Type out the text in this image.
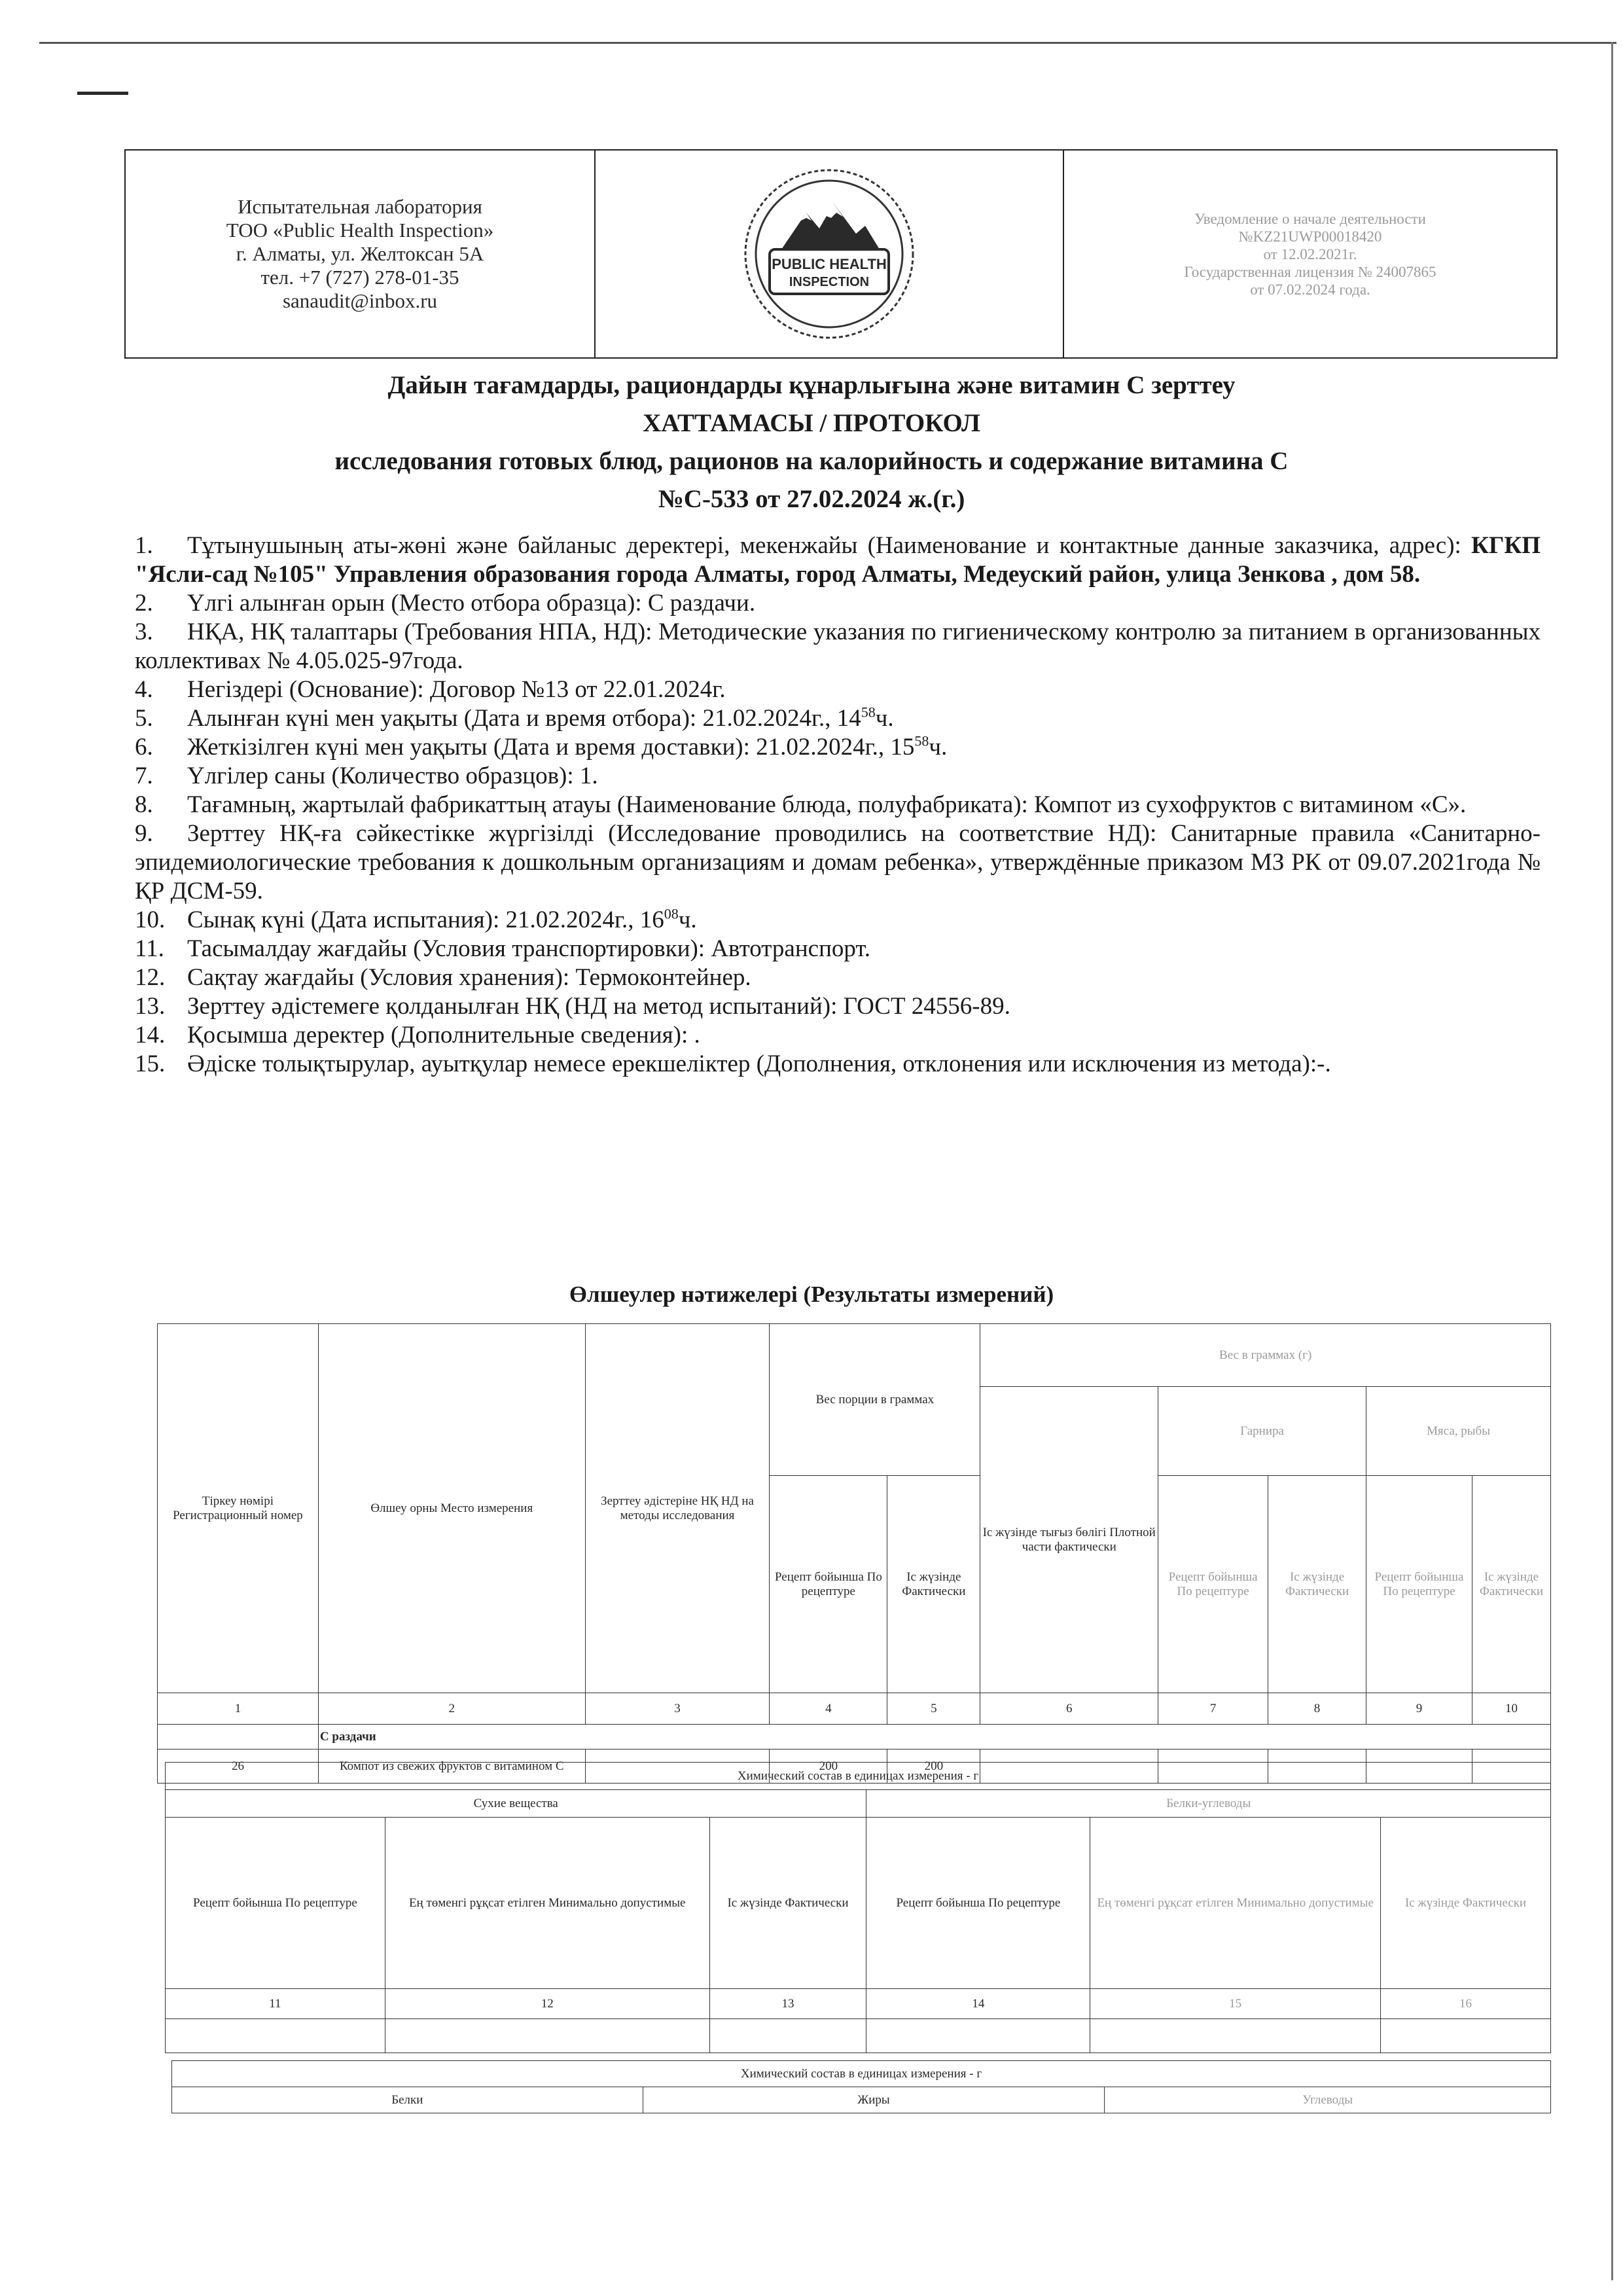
Испытательная лаборатория
ТОО «Public Health Inspection»
г. Алматы, ул. Желтоксан 5А
тел. +7 (727) 278-01-35
sanaudit@inbox.ru
PUBLIC HEALTH
INSPECTION
Уведомление о начале деятельности
№KZ21UWP00018420
от 12.02.2021г.
Государственная лицензия № 24007865
от 07.02.2024 года.
Дайын тағамдарды, рациондарды құнарлығына және витамин С зерттеу
ХАТТАМАСЫ / ПРОТОКОЛ
исследования готовых блюд, рационов на калорийность и содержание витамина С
№С-533 от 27.02.2024 ж.(г.)
1. Тұтынушының аты-жөні және байланыс деректері, мекенжайы (Наименование и контактные данные заказчика, адрес): КГКП "Ясли-сад №105" Управления образования города Алматы, город Алматы, Медеуский район, улица Зенкова , дом 58.
2. Үлгі алынған орын (Место отбора образца): С раздачи.
3. НҚА, НҚ талаптары (Требования НПА, НД): Методические указания по гигиеническому контролю за питанием в организованных коллективах № 4.05.025-97года.
4. Негіздері (Основание): Договор №13 от 22.01.2024г.
5. Алынған күні мен уақыты (Дата и время отбора): 21.02.2024г., $14^{58}ч$.
6. Жеткізілген күні мен уақыты (Дата и время доставки): 21.02.2024г., $15^{58}ч$.
7. Үлгілер саны (Количество образцов): 1.
8. Тағамның, жартылай фабрикаттың атауы (Наименование блюда, полуфабриката): Компот из сухофруктов с витамином «С».
9. Зерттеу НҚ-ға сәйкестікке жүргізілді (Исследование проводились на соответствие НД): Санитарные правила «Санитарно-эпидемиологические требования к дошкольным организациям и домам ребенка», утверждённые приказом МЗ РК от 09.07.2021года № ҚР ДСМ-59.
10. Сынақ күні (Дата испытания): 21.02.2024г., $16^{08}ч$.
11. Тасымалдау жағдайы (Условия транспортировки): Автотранспорт.
12. Сақтау жағдайы (Условия хранения): Термоконтейнер.
13. Зерттеу әдістемеге қолданылған НҚ (НД на метод испытаний): ГОСТ 24556-89.
14. Қосымша деректер (Дополнительные сведения): .
15. Әдіске толықтырулар, ауытқулар немесе ерекшеліктер (Дополнения, отклонения или исключения из метода):-.
Өлшеулер нәтижелері (Результаты измерений)
Тіркеу нөмірі Регистрационный номер	Өлшеу орны Место измерения	Зерттеу әдістеріне НҚ НД на методы исследования	Вес порции в граммах		Вес в граммах (г)				
					Іс жүзінде тығыз бөлігі Плотной части фактически	Гарнира		Мяса, рыбы	
			Рецепт бойынша По рецептуре	Іс жүзінде Фактически		Рецепт бойынша По рецептуре	Іс жүзінде Фактически	Рецепт бойынша По рецептуре	Іс жүзінде Фактически
1	2	3	4	5	6	7	8	9	10
	С раздачи								
26	Компот из свежих фруктов с витамином С		200	200					
Химический состав в единицах измерения - г					
Сухие вещества			Белки-углеводы		
Рецепт бойынша По рецептуре	Ең төменгі рұқсат етілген Минимально допустимые	Іс жүзінде Фактически	Рецепт бойынша По рецептуре	Ең төменгі рұқсат етілген Минимально допустимые	Іс жүзінде Фактически
11	12	13	14	15	16

Химический состав в единицах измерения - г
Белки	Жиры	Углеводы
